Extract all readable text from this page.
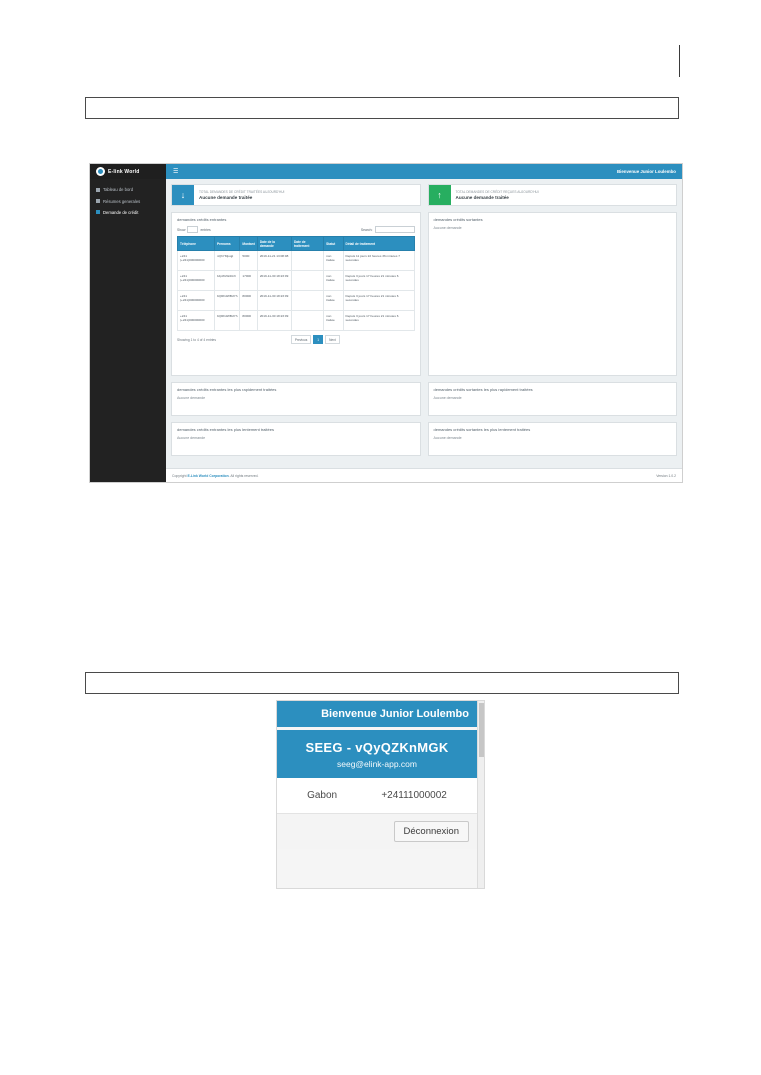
E-link World	☰	Bienvenue Junior Loulembo
Tableau de bord
Résumes generales
Demande de crédit
↓	TOTAL DEMANDES DE CRÉDIT TRAITÉES AUJOURD'HUI
Aucune demande traitée	↑	TOTAL DEMANDES DE CRÉDIT REÇUES AUJOURD'HUI
Aucune demande traitée
demandes crédits entrantes
Show	entries	Search:
Téléphone	Prenoms	Montant	Date de la demande	Date de traitement	Statut	Détail de traitement
+241 (+241)000000000	nQhYMjuqjt	5000	2019-11-21 13:08:08		non traitée	Depuis 11 jours 22 heures 36 minutes 7 secondes
+241 (+241)000000000	bJpWcWdUrh	17000	2019-11-30 18:23:09		non traitée	Depuis 3 jours 17 heures 21 minutes 6 secondes
+241 (+241)000000000	bQRFdWBdYh	80000	2019-11-30 18:23:09		non traitée	Depuis 3 jours 17 heures 21 minutes 6 secondes
+241 (+241)000000000	bQRFdWBdYh	80000	2019-11-30 18:23:09		non traitée	Depuis 3 jours 17 heures 21 minutes 6 secondes
Showing 1 to 4 of 4 entries	Previous	1	Next
demandes crédits sortantes
Aucune demande
demandes crédits entrantes les plus rapidement traitées
Aucune demande
demandes crédits sortantes les plus rapidement traitées
Aucune demande
demandes crédits entrantes les plus lentement traitées
Aucune demande
demandes crédits sortantes les plus lentement traitées
Aucune demande
Copyright E-Link World Corporation. All rights reserved.	Version 1.0.2
Bienvenue Junior Loulembo
SEEG - vQyQZKnMGK
seeg@elink-app.com
Gabon	+24111000002
Déconnexion
